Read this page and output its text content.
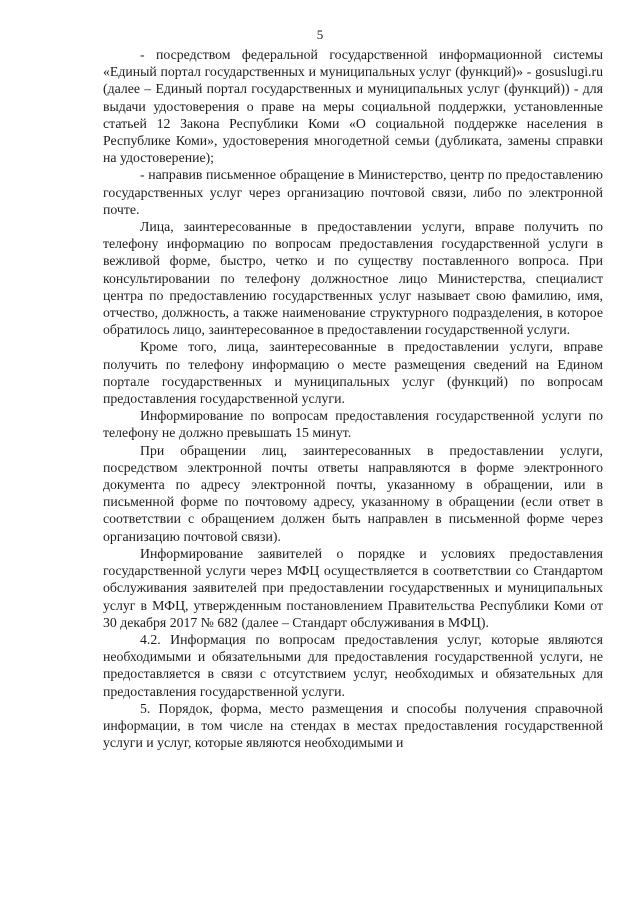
5

- посредством федеральной государственной информационной системы «Единый портал государственных и муниципальных услуг (функций)» - gosuslugi.ru (далее – Единый портал государственных и муниципальных услуг (функций)) - для выдачи удостоверения о праве на меры социальной поддержки, установленные статьей 12 Закона Республики Коми «О социальной поддержке населения в Республике Коми», удостоверения многодетной семьи (дубликата, замены справки на удостоверение);

- направив письменное обращение в Министерство, центр по предоставлению государственных услуг через организацию почтовой связи, либо по электронной почте.

Лица, заинтересованные в предоставлении услуги, вправе получить по телефону информацию по вопросам предоставления государственной услуги в вежливой форме, быстро, четко и по существу поставленного вопроса. При консультировании по телефону должностное лицо Министерства, специалист центра по предоставлению государственных услуг называет свою фамилию, имя, отчество, должность, а также наименование структурного подразделения, в которое обратилось лицо, заинтересованное в предоставлении государственной услуги.

Кроме того, лица, заинтересованные в предоставлении услуги, вправе получить по телефону информацию о месте размещения сведений на Едином портале государственных и муниципальных услуг (функций) по вопросам предоставления государственной услуги.

Информирование по вопросам предоставления государственной услуги по телефону не должно превышать 15 минут.

При обращении лиц, заинтересованных в предоставлении услуги, посредством электронной почты ответы направляются в форме электронного документа по адресу электронной почты, указанному в обращении, или в письменной форме по почтовому адресу, указанному в обращении (если ответ в соответствии с обращением должен быть направлен в письменной форме через организацию почтовой связи).

Информирование заявителей о порядке и условиях предоставления государственной услуги через МФЦ осуществляется в соответствии со Стандартом обслуживания заявителей при предоставлении государственных и муниципальных услуг в МФЦ, утвержденным постановлением Правительства Республики Коми от 30 декабря 2017 № 682 (далее – Стандарт обслуживания в МФЦ).

4.2. Информация по вопросам предоставления услуг, которые являются необходимыми и обязательными для предоставления государственной услуги, не предоставляется в связи с отсутствием услуг, необходимых и обязательных для предоставления государственной услуги.

5. Порядок, форма, место размещения и способы получения справочной информации, в том числе на стендах в местах предоставления государственной услуги и услуг, которые являются необходимыми и
